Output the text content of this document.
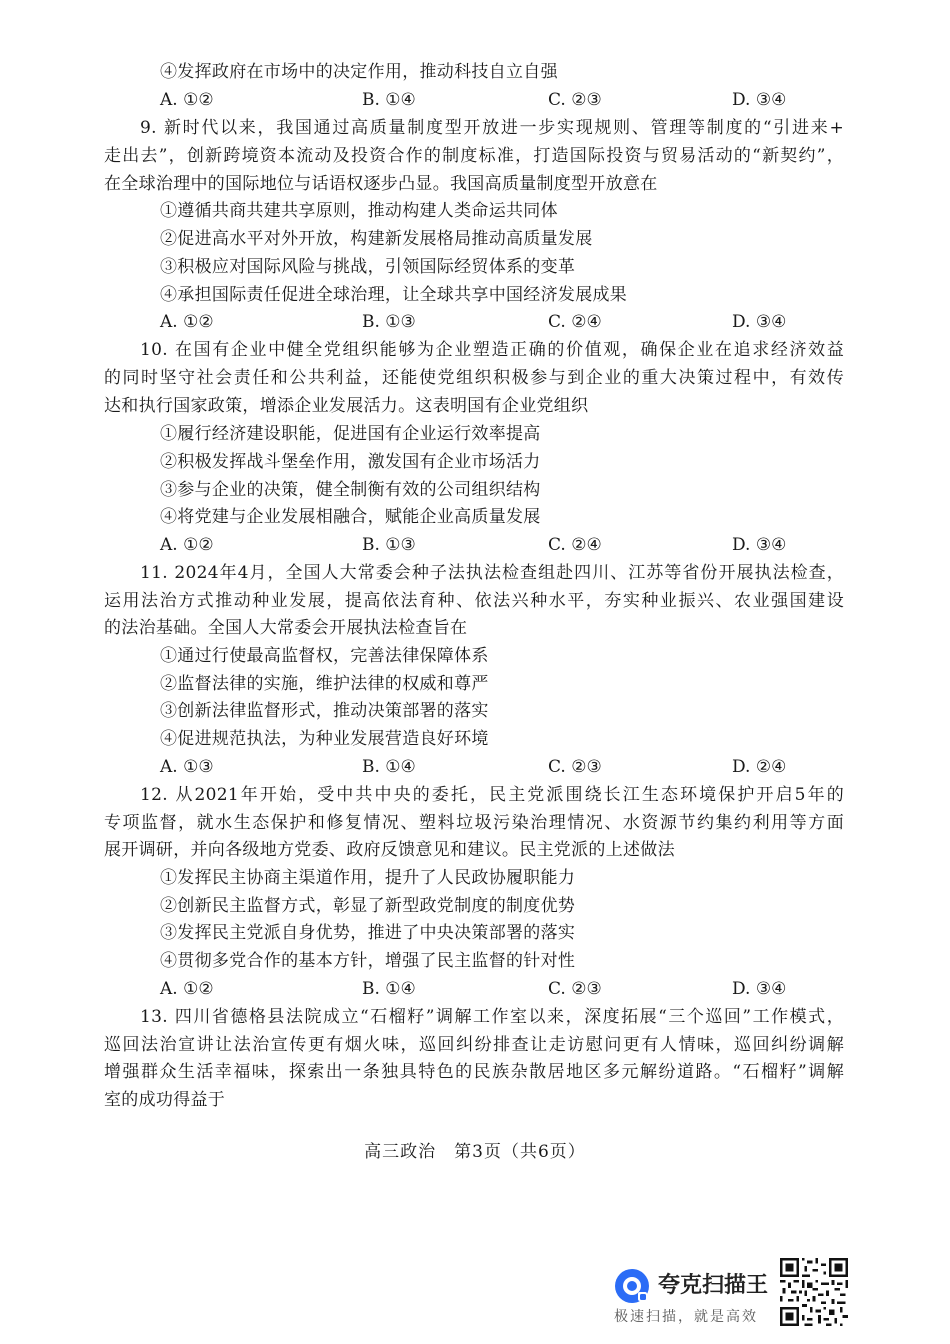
④发挥政府在市场中的决定作用，推动科技自立自强
A. ①②	B. ①④	C. ②③	D. ③④
9. 新时代以来，我国通过高质量制度型开放进一步实现规则、管理等制度的“引进来+
走出去”，创新跨境资本流动及投资合作的制度标准，打造国际投资与贸易活动的“新契约”，
在全球治理中的国际地位与话语权逐步凸显。我国高质量制度型开放意在
①遵循共商共建共享原则，推动构建人类命运共同体
②促进高水平对外开放，构建新发展格局推动高质量发展
③积极应对国际风险与挑战，引领国际经贸体系的变革
④承担国际责任促进全球治理，让全球共享中国经济发展成果
A. ①②	B. ①③	C. ②④	D. ③④
10. 在国有企业中健全党组织能够为企业塑造正确的价值观，确保企业在追求经济效益
的同时坚守社会责任和公共利益，还能使党组织积极参与到企业的重大决策过程中，有效传
达和执行国家政策，增添企业发展活力。这表明国有企业党组织
①履行经济建设职能，促进国有企业运行效率提高
②积极发挥战斗堡垒作用，激发国有企业市场活力
③参与企业的决策，健全制衡有效的公司组织结构
④将党建与企业发展相融合，赋能企业高质量发展
A. ①②	B. ①③	C. ②④	D. ③④
11. 2024年4月，全国人大常委会种子法执法检查组赴四川、江苏等省份开展执法检查，
运用法治方式推动种业发展，提高依法育种、依法兴种水平，夯实种业振兴、农业强国建设
的法治基础。全国人大常委会开展执法检查旨在
①通过行使最高监督权，完善法律保障体系
②监督法律的实施，维护法律的权威和尊严
③创新法律监督形式，推动决策部署的落实
④促进规范执法，为种业发展营造良好环境
A. ①③	B. ①④	C. ②③	D. ②④
12. 从2021年开始，受中共中央的委托，民主党派围绕长江生态环境保护开启5年的
专项监督，就水生态保护和修复情况、塑料垃圾污染治理情况、水资源节约集约利用等方面
展开调研，并向各级地方党委、政府反馈意见和建议。民主党派的上述做法
①发挥民主协商主渠道作用，提升了人民政协履职能力
②创新民主监督方式，彰显了新型政党制度的制度优势
③发挥民主党派自身优势，推进了中央决策部署的落实
④贯彻多党合作的基本方针，增强了民主监督的针对性
A. ①②	B. ①④	C. ②③	D. ③④
13. 四川省德格县法院成立“石榴籽”调解工作室以来，深度拓展“三个巡回”工作模式，
巡回法治宣讲让法治宣传更有烟火味，巡回纠纷排查让走访慰问更有人情味，巡回纠纷调解
增强群众生活幸福味，探索出一条独具特色的民族杂散居地区多元解纷道路。“石榴籽”调解
室的成功得益于
高三政治　第3页（共6页）
夸克扫描王
极速扫描，就是高效
